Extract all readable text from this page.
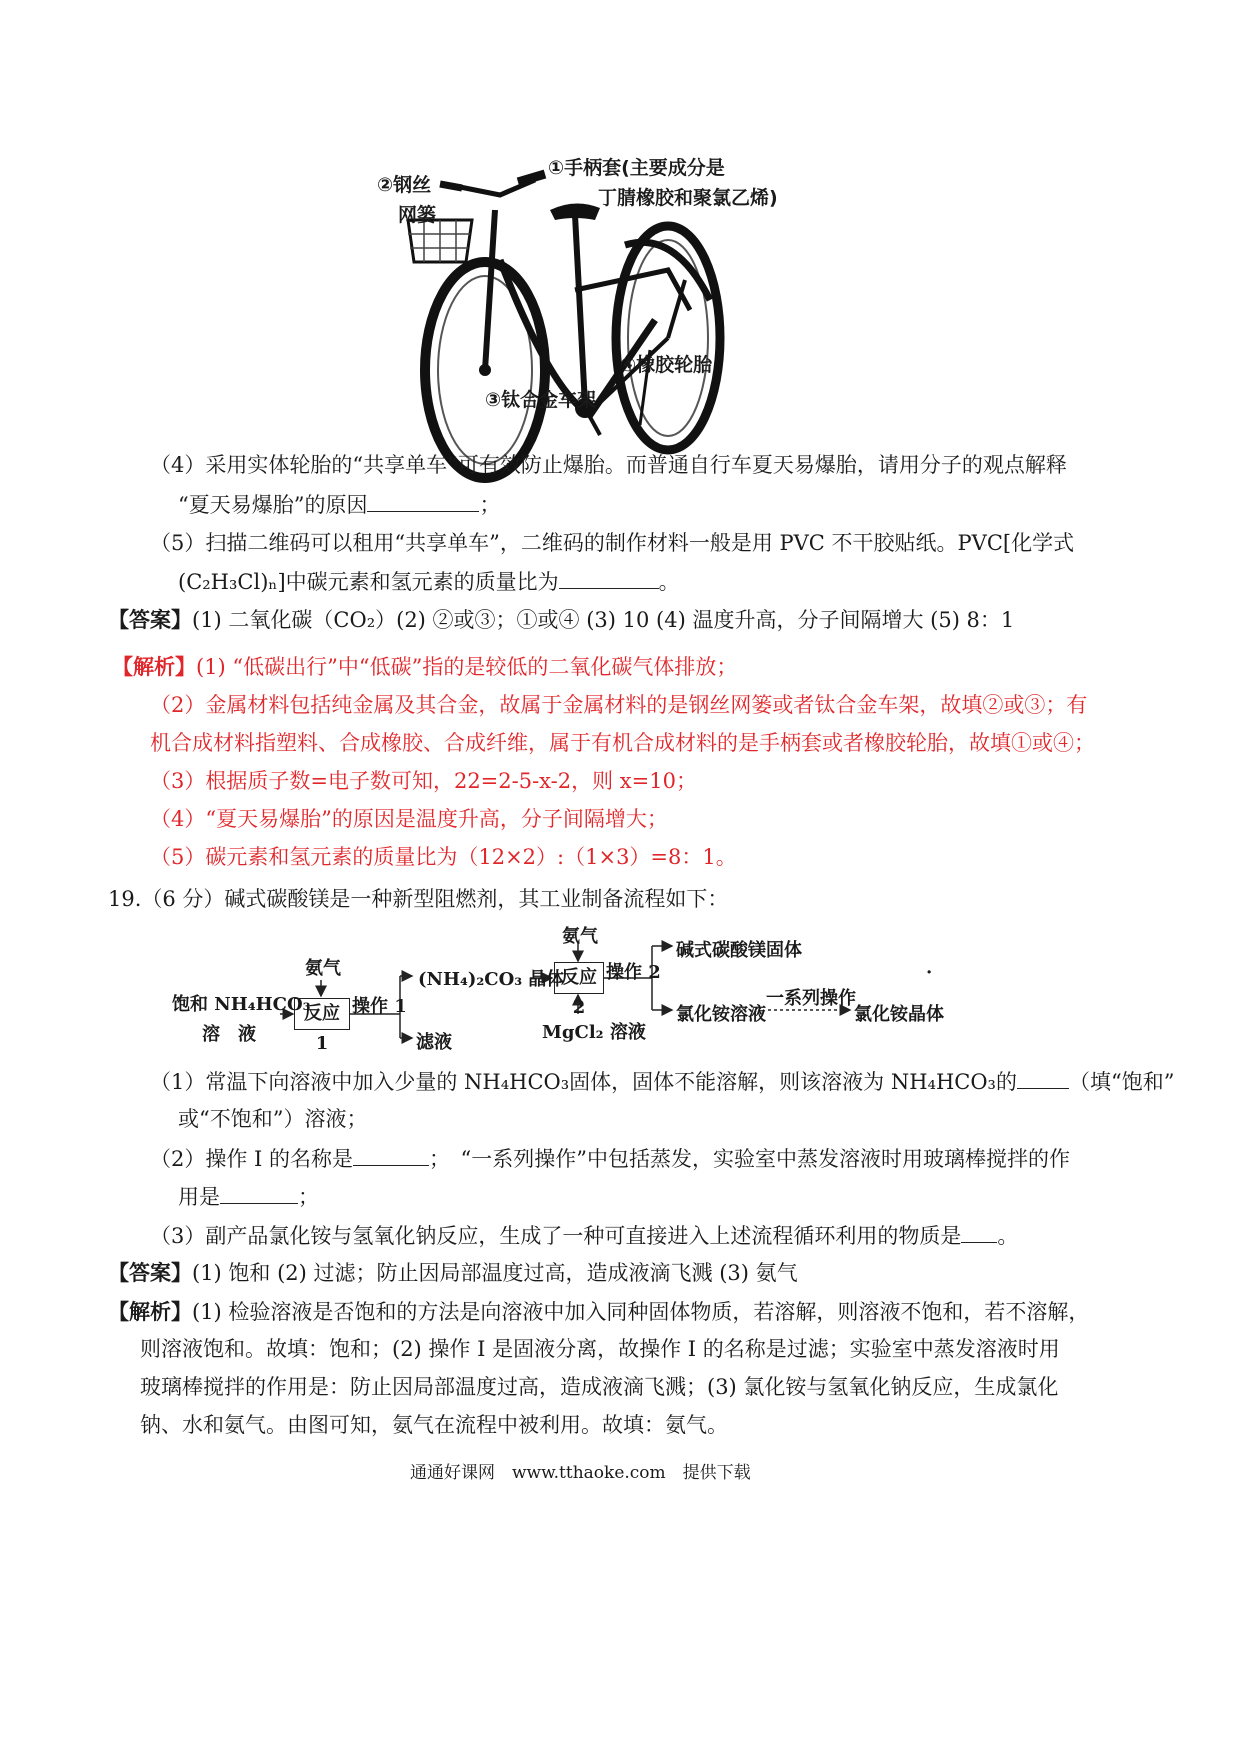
①手柄套(主要成分是
丁腈橡胶和聚氯乙烯)
②钢丝
网篓
③钛合金车架
④橡胶轮胎
（4）采用实体轮胎的“共享单车”可有效防止爆胎。而普通自行车夏天易爆胎，请用分子的观点解释
“夏天易爆胎”的原因	；
（5）扫描二维码可以租用“共享单车”，二维码的制作材料一般是用 PVC 不干胶贴纸。PVC[化学式
(C₂H₃Cl)ₙ]中碳元素和氢元素的质量比为	。
【答案】(1) 二氧化碳（CO₂）(2) ②或③；①或④ (3) 10 (4) 温度升高，分子间隔增大 (5) 8：1
【解析】(1) “低碳出行”中“低碳”指的是较低的二氧化碳气体排放；
（2）金属材料包括纯金属及其合金，故属于金属材料的是钢丝网篓或者钛合金车架，故填②或③；有
机合成材料指塑料、合成橡胶、合成纤维，属于有机合成材料的是手柄套或者橡胶轮胎，故填①或④；
（3）根据质子数=电子数可知，22=2-5-x-2，则 x=10；
（4）“夏天易爆胎”的原因是温度升高，分子间隔增大；
（5）碳元素和氢元素的质量比为（12×2）:（1×3）=8：1。
19.（6 分）碱式碳酸镁是一种新型阻燃剂，其工业制备流程如下：
反应 1
反应 2
饱和 NH₄HCO₃
溶　液
氨气
操作 1
(NH₄)₂CO₃ 晶体
滤液
氨气
MgCl₂ 溶液
操作 2
碱式碳酸镁固体
氯化铵溶液
一系列操作
氯化铵晶体
·
（1）常温下向溶液中加入少量的 NH₄HCO₃固体，固体不能溶解，则该溶液为 NH₄HCO₃的 （填“饱和”
或“不饱和”）溶液；
（2）操作 I 的名称是	；　“一系列操作”中包括蒸发，实验室中蒸发溶液时用玻璃棒搅拌的作
用是	；
（3）副产品氯化铵与氢氧化钠反应，生成了一种可直接进入上述流程循环利用的物质是 。
【答案】(1) 饱和 (2) 过滤；防止因局部温度过高，造成液滴飞溅 (3) 氨气
【解析】(1) 检验溶液是否饱和的方法是向溶液中加入同种固体物质，若溶解，则溶液不饱和，若不溶解，
则溶液饱和。故填：饱和；(2) 操作 I 是固液分离，故操作 I 的名称是过滤；实验室中蒸发溶液时用
玻璃棒搅拌的作用是：防止因局部温度过高，造成液滴飞溅；(3) 氯化铵与氢氧化钠反应，生成氯化
钠、水和氨气。由图可知，氨气在流程中被利用。故填：氨气。
通通好课网　www.tthaoke.com　提供下载
